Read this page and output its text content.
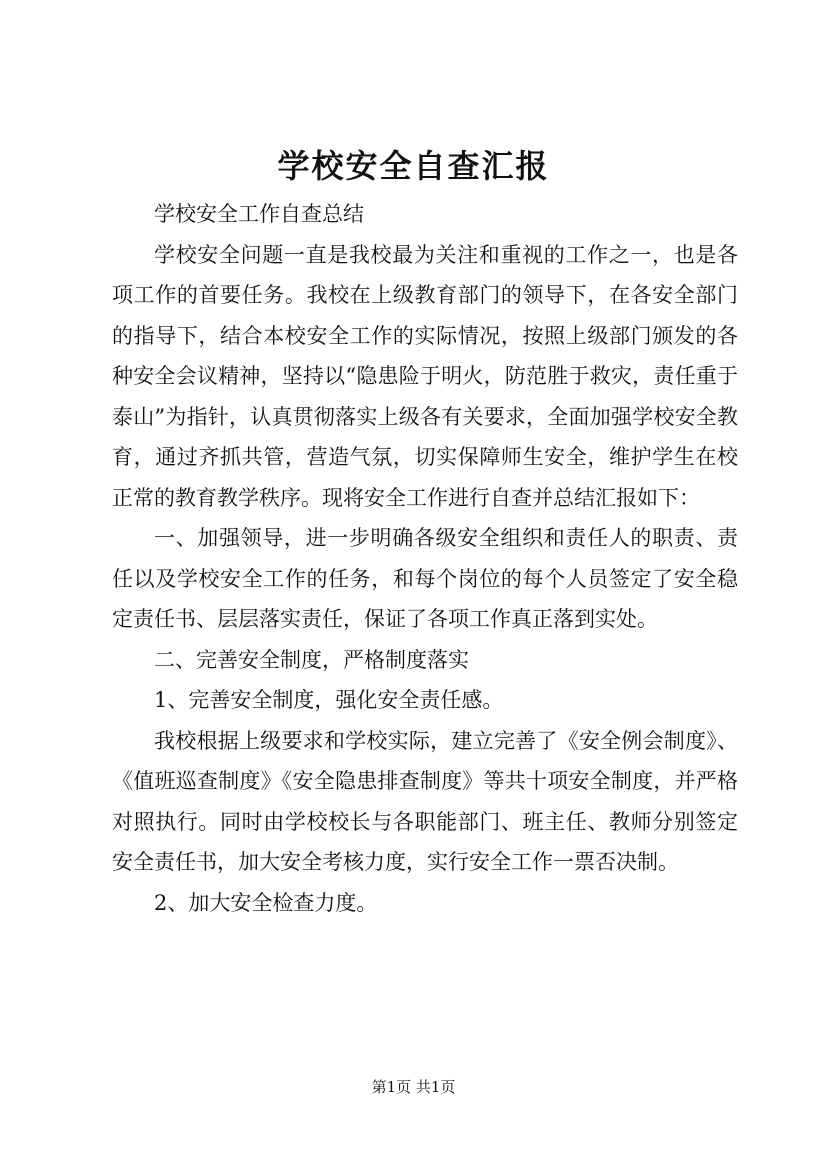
学校安全自查汇报

学校安全工作自查总结

学校安全问题一直是我校最为关注和重视的工作之一，也是各项工作的首要任务。我校在上级教育部门的领导下，在各安全部门的指导下，结合本校安全工作的实际情况，按照上级部门颁发的各种安全会议精神，坚持以“隐患险于明火，防范胜于救灾，责任重于泰山”为指针，认真贯彻落实上级各有关要求，全面加强学校安全教育，通过齐抓共管，营造气氛，切实保障师生安全，维护学生在校正常的教育教学秩序。现将安全工作进行自查并总结汇报如下：

一、加强领导，进一步明确各级安全组织和责任人的职责、责任以及学校安全工作的任务，和每个岗位的每个人员签定了安全稳定责任书、层层落实责任，保证了各项工作真正落到实处。

二、完善安全制度，严格制度落实

1、完善安全制度，强化安全责任感。

我校根据上级要求和学校实际，建立完善了《安全例会制度》、《值班巡查制度》《安全隐患排查制度》等共十项安全制度，并严格对照执行。同时由学校校长与各职能部门、班主任、教师分别签定安全责任书，加大安全考核力度，实行安全工作一票否决制。

2、加大安全检查力度。

第1页 共1页
